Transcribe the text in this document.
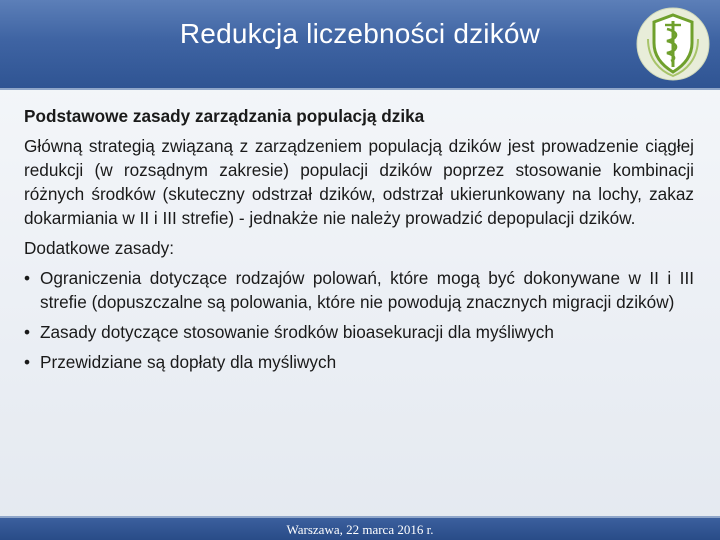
Redukcja liczebności dzików
Podstawowe zasady zarządzania populacją dzika
Główną strategią związaną z zarządzeniem populacją dzików jest prowadzenie ciągłej redukcji (w rozsądnym zakresie) populacji dzików poprzez stosowanie kombinacji różnych środków (skuteczny odstrzał dzików, odstrzał ukierunkowany na lochy, zakaz dokarmiania w II i III strefie) - jednakże nie należy prowadzić depopulacji dzików.
Dodatkowe zasady:
• Ograniczenia dotyczące rodzajów polowań, które mogą być dokonywane w II i III strefie (dopuszczalne są polowania, które nie powodują znacznych migracji dzików)
• Zasady dotyczące stosowanie środków bioasekuracji dla myśliwych
• Przewidziane są dopłaty dla myśliwych
Warszawa, 22 marca 2016 r.
